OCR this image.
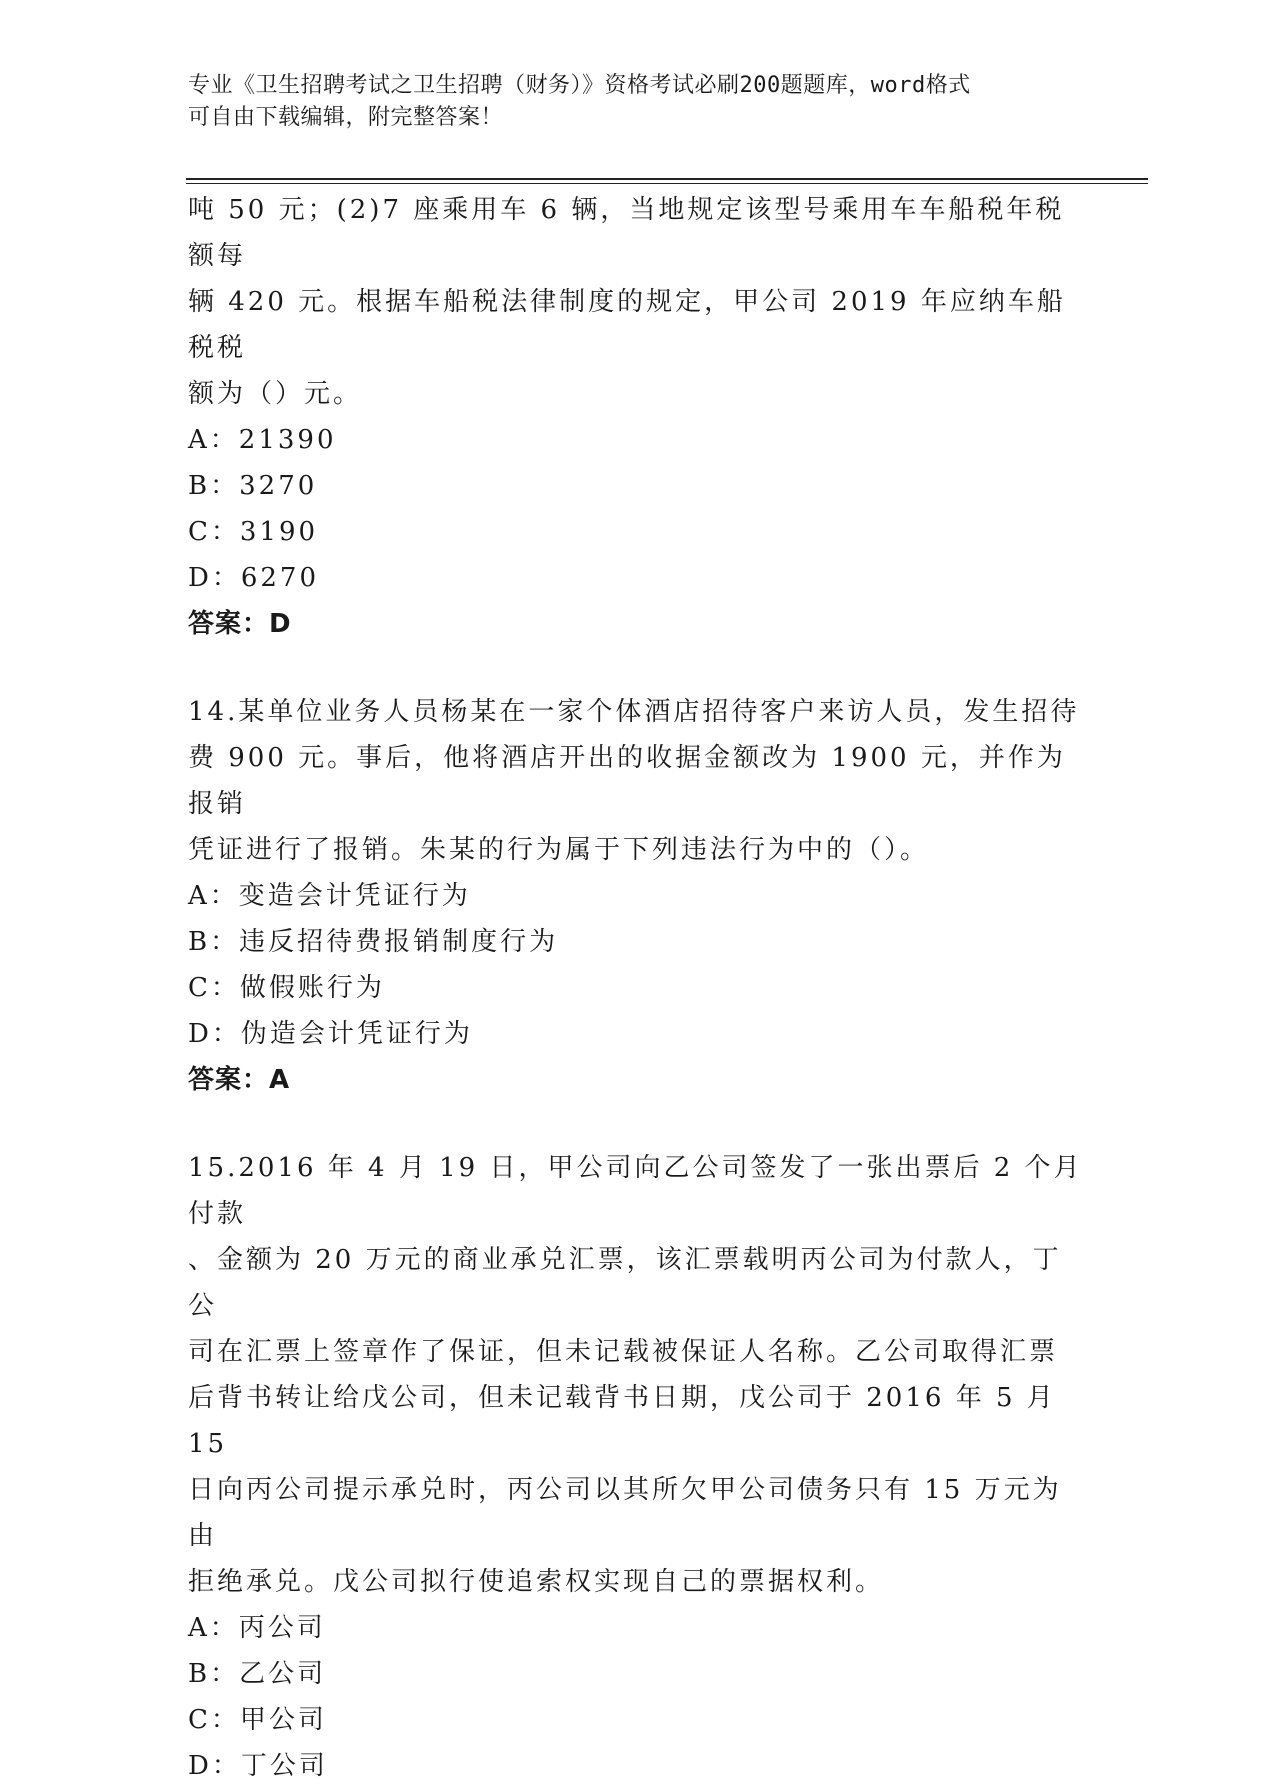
专业《卫生招聘考试之卫生招聘（财务）》资格考试必刷200题题库，word格式
可自由下载编辑，附完整答案！

吨 50 元；(2)7 座乘用车 6 辆，当地规定该型号乘用车车船税年税额每

辆 420 元。根据车船税法律制度的规定，甲公司 2019 年应纳车船税税

额为（）元。

A：21390

B：3270

C：3190

D：6270

答案：D

14.某单位业务人员杨某在一家个体酒店招待客户来访人员，发生招待

费 900 元。事后，他将酒店开出的收据金额改为 1900 元，并作为报销

凭证进行了报销。朱某的行为属于下列违法行为中的（）。

A：变造会计凭证行为

B：违反招待费报销制度行为

C：做假账行为

D：伪造会计凭证行为

答案：A

15.2016 年 4 月 19 日，甲公司向乙公司签发了一张出票后 2 个月付款

、金额为 20 万元的商业承兑汇票，该汇票载明丙公司为付款人，丁公

司在汇票上签章作了保证，但未记载被保证人名称。乙公司取得汇票

后背书转让给戊公司，但未记载背书日期，戊公司于 2016 年 5 月 15

日向丙公司提示承兑时，丙公司以其所欠甲公司债务只有 15 万元为由

拒绝承兑。戊公司拟行使追索权实现自己的票据权利。

A：丙公司

B：乙公司

C：甲公司

D：丁公司
